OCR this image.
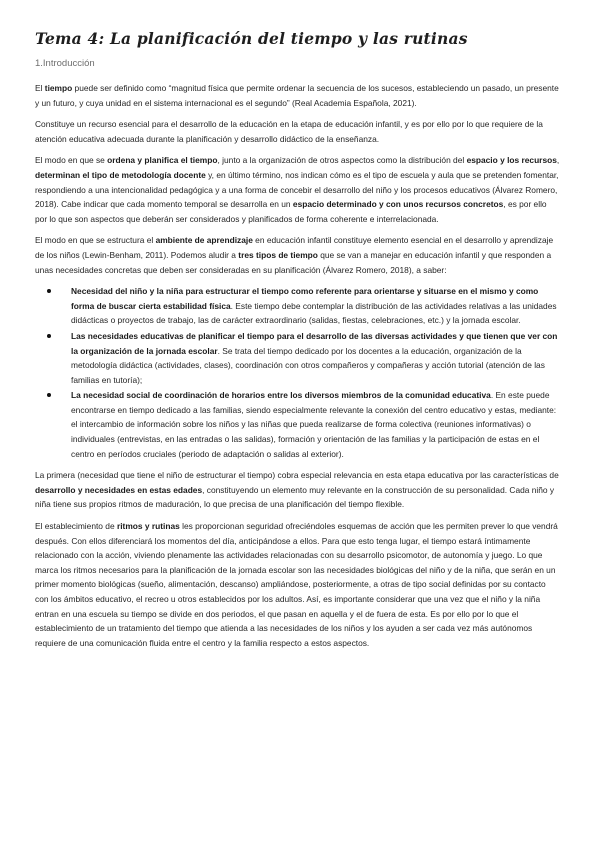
Tema 4: La planificación del tiempo y las rutinas
1.Introducción

El tiempo puede ser definido como “magnitud física que permite ordenar la secuencia de los sucesos, estableciendo un pasado, un presente y un futuro, y cuya unidad en el sistema internacional es el segundo” (Real Academia Española, 2021).

Constituye un recurso esencial para el desarrollo de la educación en la etapa de educación infantil, y es por ello por lo que requiere de la atención educativa adecuada durante la planificación y desarrollo didáctico de la enseñanza.

El modo en que se ordena y planifica el tiempo, junto a la organización de otros aspectos como la distribución del espacio y los recursos, determinan el tipo de metodología docente y, en último término, nos indican cómo es el tipo de escuela y aula que se pretenden fomentar, respondiendo a una intencionalidad pedagógica y a una forma de concebir el desarrollo del niño y los procesos educativos (Álvarez Romero, 2018). Cabe indicar que cada momento temporal se desarrolla en un espacio determinado y con unos recursos concretos, es por ello por lo que son aspectos que deberán ser considerados y planificados de forma coherente e interrelacionada.

El modo en que se estructura el ambiente de aprendizaje en educación infantil constituye elemento esencial en el desarrollo y aprendizaje de los niños (Lewin-Benham, 2011). Podemos aludir a tres tipos de tiempo que se van a manejar en educación infantil y que responden a unas necesidades concretas que deben ser consideradas en su planificación (Álvarez Romero, 2018), a saber:

Necesidad del niño y la niña para estructurar el tiempo como referente para orientarse y situarse en el mismo y como forma de buscar cierta estabilidad física. Este tiempo debe contemplar la distribución de las actividades relativas a las unidades didácticas o proyectos de trabajo, las de carácter extraordinario (salidas, fiestas, celebraciones, etc.) y la jornada escolar.
Las necesidades educativas de planificar el tiempo para el desarrollo de las diversas actividades y que tienen que ver con la organización de la jornada escolar. Se trata del tiempo dedicado por los docentes a la educación, organización de la metodología didáctica (actividades, clases), coordinación con otros compañeros y compañeras y acción tutorial (atención de las familias en tutoría);
La necesidad social de coordinación de horarios entre los diversos miembros de la comunidad educativa. En este puede encontrarse en tiempo dedicado a las familias, siendo especialmente relevante la conexión del centro educativo y estas, mediante: el intercambio de información sobre los niños y las niñas que pueda realizarse de forma colectiva (reuniones informativas) o individuales (entrevistas, en las entradas o las salidas), formación y orientación de las familias y la participación de estas en el centro en períodos cruciales (periodo de adaptación o salidas al exterior).

La primera (necesidad que tiene el niño de estructurar el tiempo) cobra especial relevancia en esta etapa educativa por las características de desarrollo y necesidades en estas edades, constituyendo un elemento muy relevante en la construcción de su personalidad. Cada niño y niña tiene sus propios ritmos de maduración, lo que precisa de una planificación del tiempo flexible.

El establecimiento de ritmos y rutinas les proporcionan seguridad ofreciéndoles esquemas de acción que les permiten prever lo que vendrá después. Con ellos diferenciará los momentos del día, anticipándose a ellos. Para que esto tenga lugar, el tiempo estará íntimamente relacionado con la acción, viviendo plenamente las actividades relacionadas con su desarrollo psicomotor, de autonomía y juego. Lo que marca los ritmos necesarios para la planificación de la jornada escolar son las necesidades biológicas del niño y de la niña, que serán en un primer momento biológicas (sueño, alimentación, descanso) ampliándose, posteriormente, a otras de tipo social definidas por su contacto con los ámbitos educativo, el recreo u otros establecidos por los adultos. Así, es importante considerar que una vez que el niño y la niña entran en una escuela su tiempo se divide en dos periodos, el que pasan en aquella y el de fuera de esta. Es por ello por lo que el establecimiento de un tratamiento del tiempo que atienda a las necesidades de los niños y los ayuden a ser cada vez más autónomos requiere de una comunicación fluida entre el centro y la familia respecto a estos aspectos.
